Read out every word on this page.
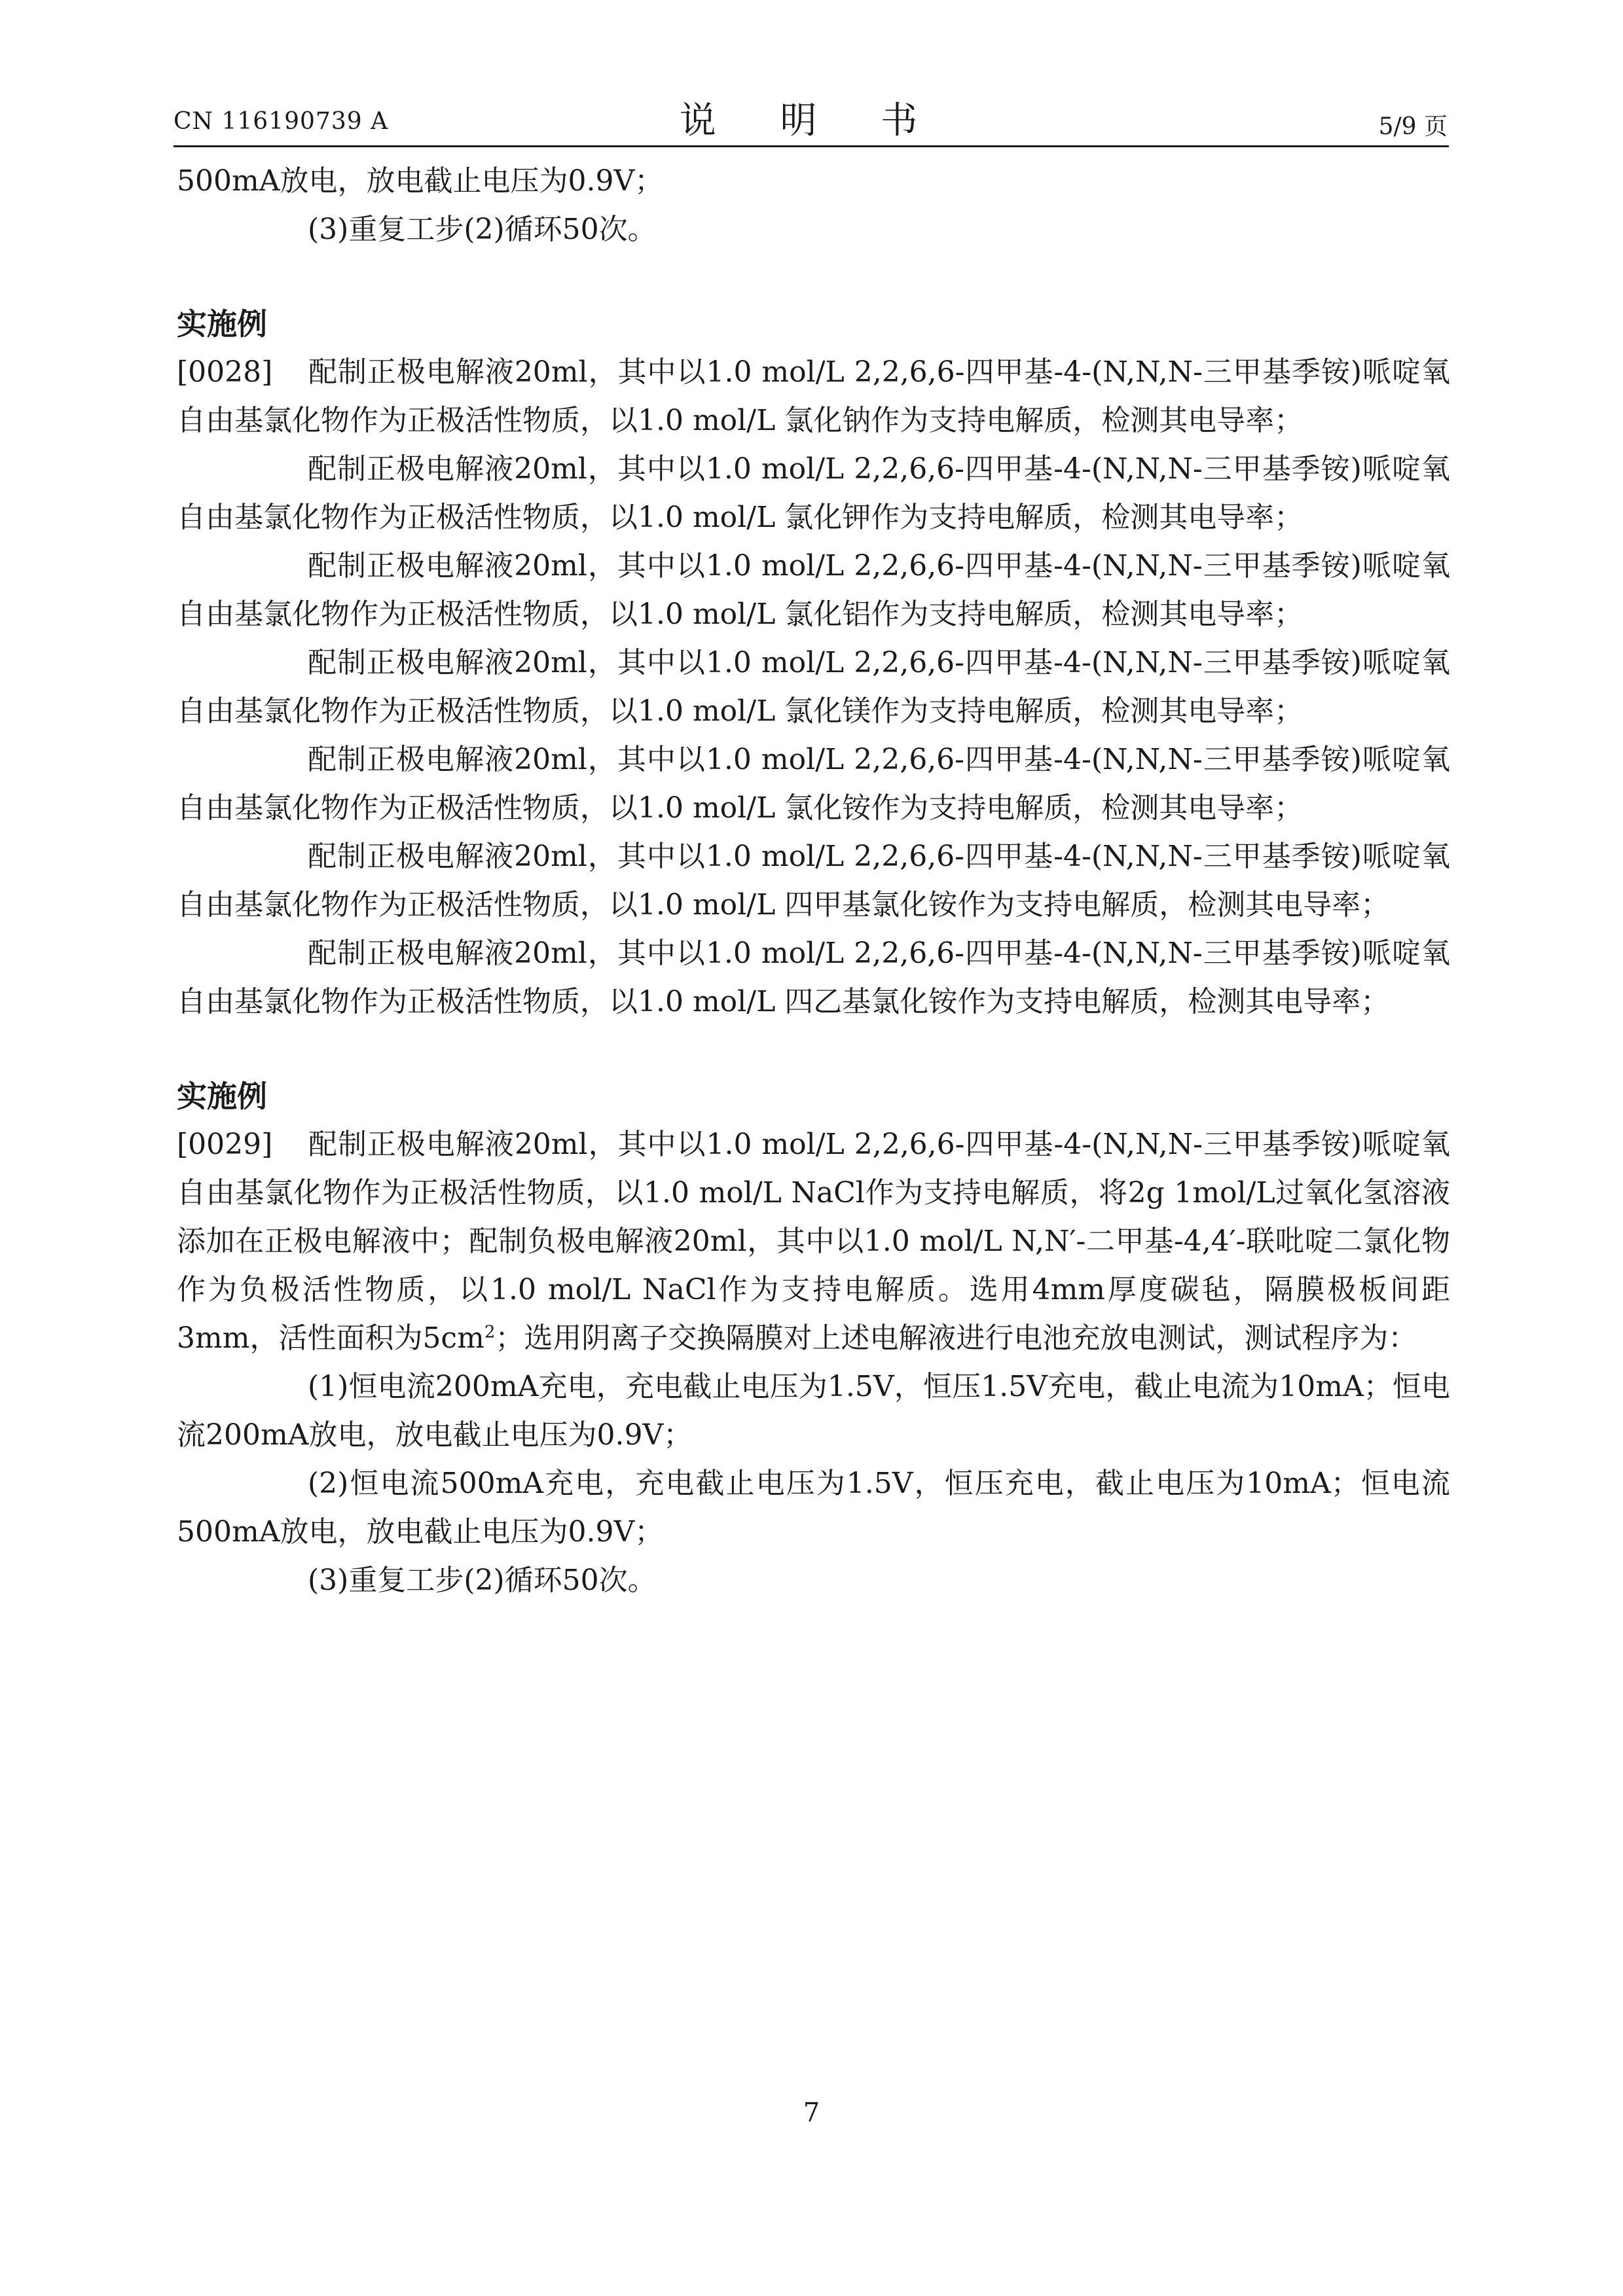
CN 116190739 A	说 明 书	5/9 页

500mA放电，放电截止电压为0.9V；

(3)重复工步(2)循环50次。

实施例

[0028] 配制正极电解液20ml，其中以1.0 mol/L 2,2,6,6-四甲基-4-(N,N,N-三甲基季铵)哌啶氧自由基氯化物作为正极活性物质，以1.0 mol/L 氯化钠作为支持电解质，检测其电导率；

配制正极电解液20ml，其中以1.0 mol/L 2,2,6,6-四甲基-4-(N,N,N-三甲基季铵)哌啶氧自由基氯化物作为正极活性物质，以1.0 mol/L 氯化钾作为支持电解质，检测其电导率；

配制正极电解液20ml，其中以1.0 mol/L 2,2,6,6-四甲基-4-(N,N,N-三甲基季铵)哌啶氧自由基氯化物作为正极活性物质，以1.0 mol/L 氯化铝作为支持电解质，检测其电导率；

配制正极电解液20ml，其中以1.0 mol/L 2,2,6,6-四甲基-4-(N,N,N-三甲基季铵)哌啶氧自由基氯化物作为正极活性物质，以1.0 mol/L 氯化镁作为支持电解质，检测其电导率；

配制正极电解液20ml，其中以1.0 mol/L 2,2,6,6-四甲基-4-(N,N,N-三甲基季铵)哌啶氧自由基氯化物作为正极活性物质，以1.0 mol/L 氯化铵作为支持电解质，检测其电导率；

配制正极电解液20ml，其中以1.0 mol/L 2,2,6,6-四甲基-4-(N,N,N-三甲基季铵)哌啶氧自由基氯化物作为正极活性物质，以1.0 mol/L 四甲基氯化铵作为支持电解质，检测其电导率；

配制正极电解液20ml，其中以1.0 mol/L 2,2,6,6-四甲基-4-(N,N,N-三甲基季铵)哌啶氧自由基氯化物作为正极活性物质，以1.0 mol/L 四乙基氯化铵作为支持电解质，检测其电导率；

实施例

[0029] 配制正极电解液20ml，其中以1.0 mol/L 2,2,6,6-四甲基-4-(N,N,N-三甲基季铵)哌啶氧自由基氯化物作为正极活性物质，以1.0 mol/L NaCl作为支持电解质，将2g 1mol/L过氧化氢溶液添加在正极电解液中；配制负极电解液20ml，其中以1.0 mol/L N,N′-二甲基-4,4′-联吡啶二氯化物作为负极活性物质，以1.0 mol/L NaCl作为支持电解质。选用4mm厚度碳毡，隔膜极板间距3mm，活性面积为$5cm^2$；选用阴离子交换隔膜对上述电解液进行电池充放电测试，测试程序为：

(1)恒电流200mA充电，充电截止电压为1.5V，恒压1.5V充电，截止电流为10mA；恒电流200mA放电，放电截止电压为0.9V；

(2)恒电流500mA充电，充电截止电压为1.5V，恒压充电，截止电压为10mA；恒电流500mA放电，放电截止电压为0.9V；

(3)重复工步(2)循环50次。

7
